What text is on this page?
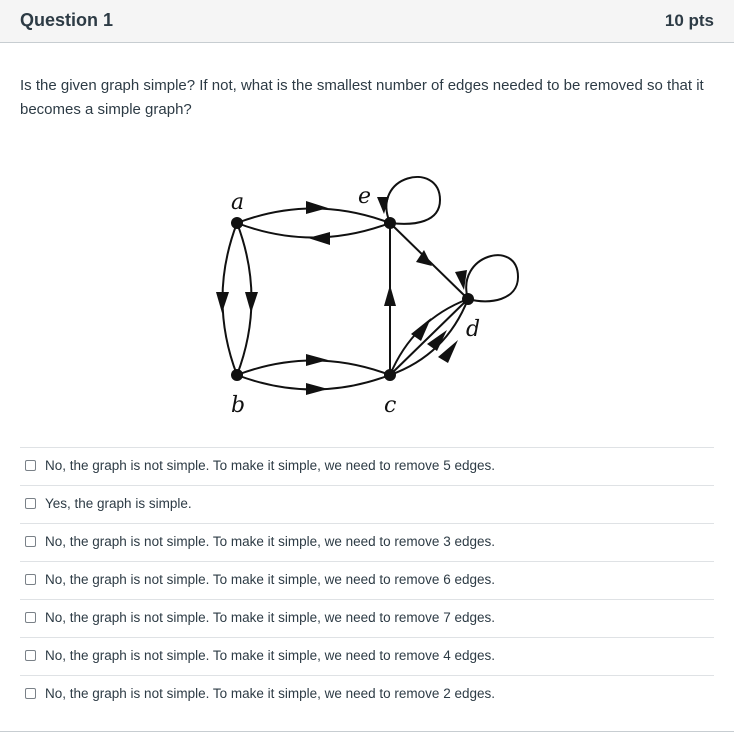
Question 1	10 pts
Is the given graph simple? If not, what is the smallest number of edges needed to be removed so that it becomes a simple graph?
a	e
d
b	c
No, the graph is not simple. To make it simple, we need to remove 5 edges.
Yes, the graph is simple.
No, the graph is not simple. To make it simple, we need to remove 3 edges.
No, the graph is not simple. To make it simple, we need to remove 6 edges.
No, the graph is not simple. To make it simple, we need to remove 7 edges.
No, the graph is not simple. To make it simple, we need to remove 4 edges.
No, the graph is not simple. To make it simple, we need to remove 2 edges.
